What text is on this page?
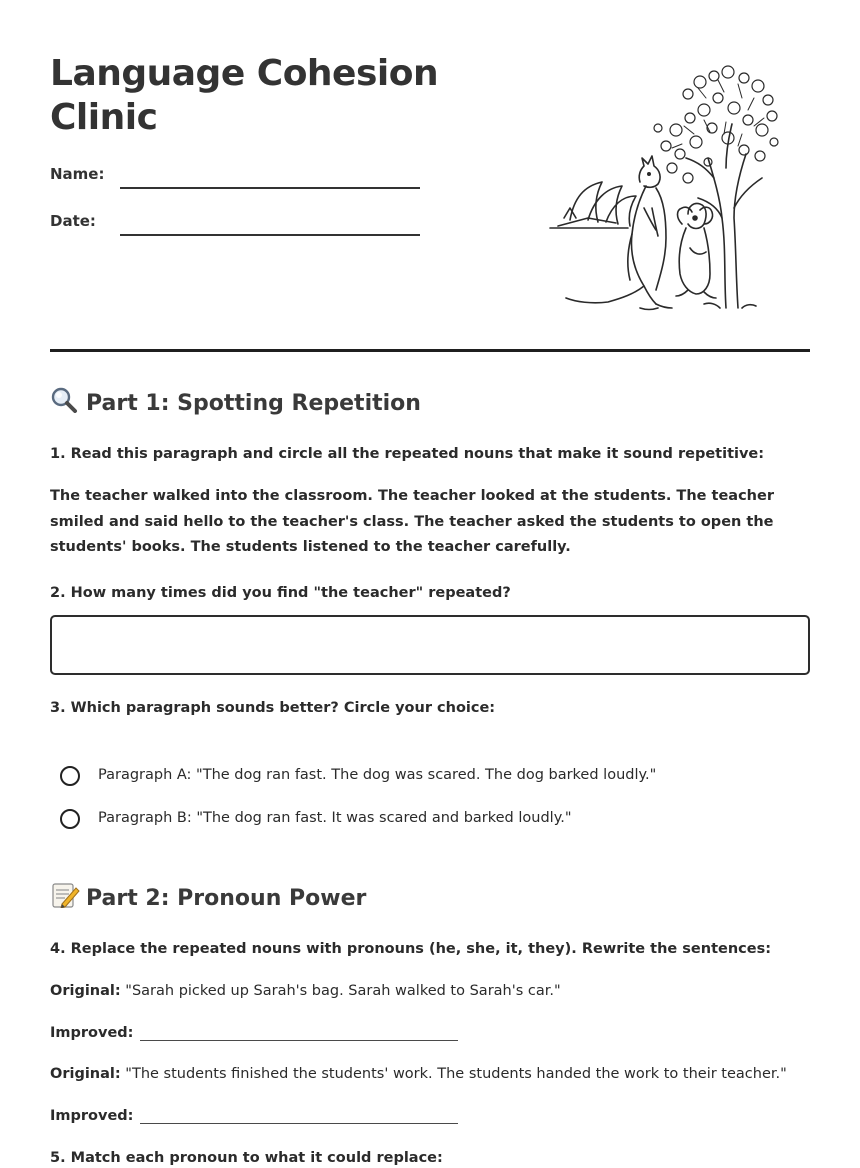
Language Cohesion Clinic
Name:
Date:
Part 1: Spotting Repetition

1. Read this paragraph and circle all the repeated nouns that make it sound repetitive:

The teacher walked into the classroom. The teacher looked at the students. The teacher smiled and said hello to the teacher's class. The teacher asked the students to open the students' books. The students listened to the teacher carefully.

2. How many times did you find "the teacher" repeated?

3. Which paragraph sounds better? Circle your choice:

Paragraph A: "The dog ran fast. The dog was scared. The dog barked loudly."
Paragraph B: "The dog ran fast. It was scared and barked loudly."
Part 2: Pronoun Power

4. Replace the repeated nouns with pronouns (he, she, it, they). Rewrite the sentences:

Original: "Sarah picked up Sarah's bag. Sarah walked to Sarah's car."
Improved:
Original: "The students finished the students' work. The students handed the work to their teacher."
Improved:

5. Match each pronoun to what it could replace:
